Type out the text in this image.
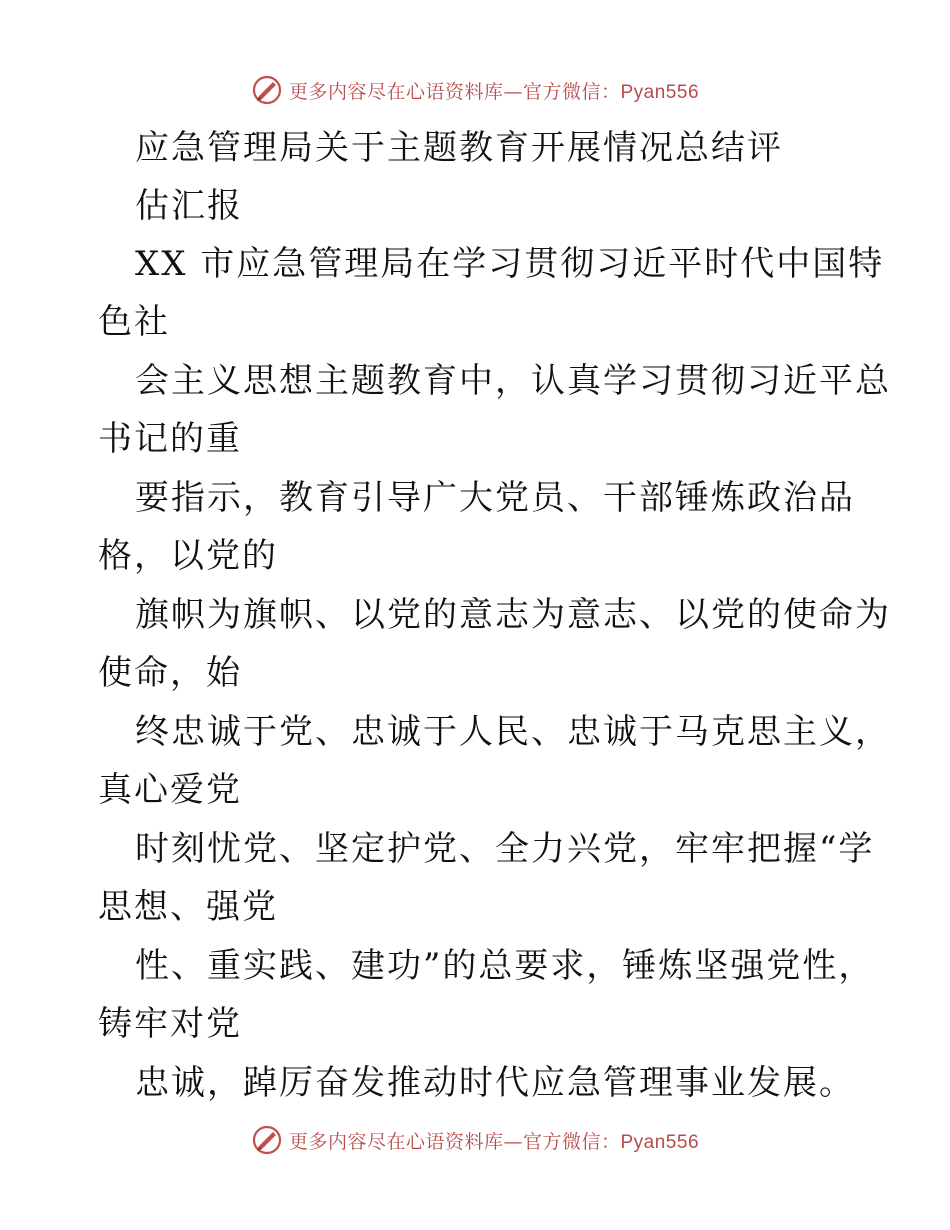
更多内容尽在心语资料库—官方微信：Pyan556
应急管理局关于主题教育开展情况总结评
估汇报
XX 市应急管理局在学习贯彻习近平时代中国特
色社
会主义思想主题教育中，认真学习贯彻习近平总
书记的重
要指示，教育引导广大党员、干部锤炼政治品
格，以党的
旗帜为旗帜、以党的意志为意志、以党的使命为
使命，始
终忠诚于党、忠诚于人民、忠诚于马克思主义，
真心爱党
时刻忧党、坚定护党、全力兴党，牢牢把握“学
思想、强党
性、重实践、建功”的总要求，锤炼坚强党性，
铸牢对党
忠诚，踔厉奋发推动时代应急管理事业发展。
更多内容尽在心语资料库—官方微信：Pyan556
